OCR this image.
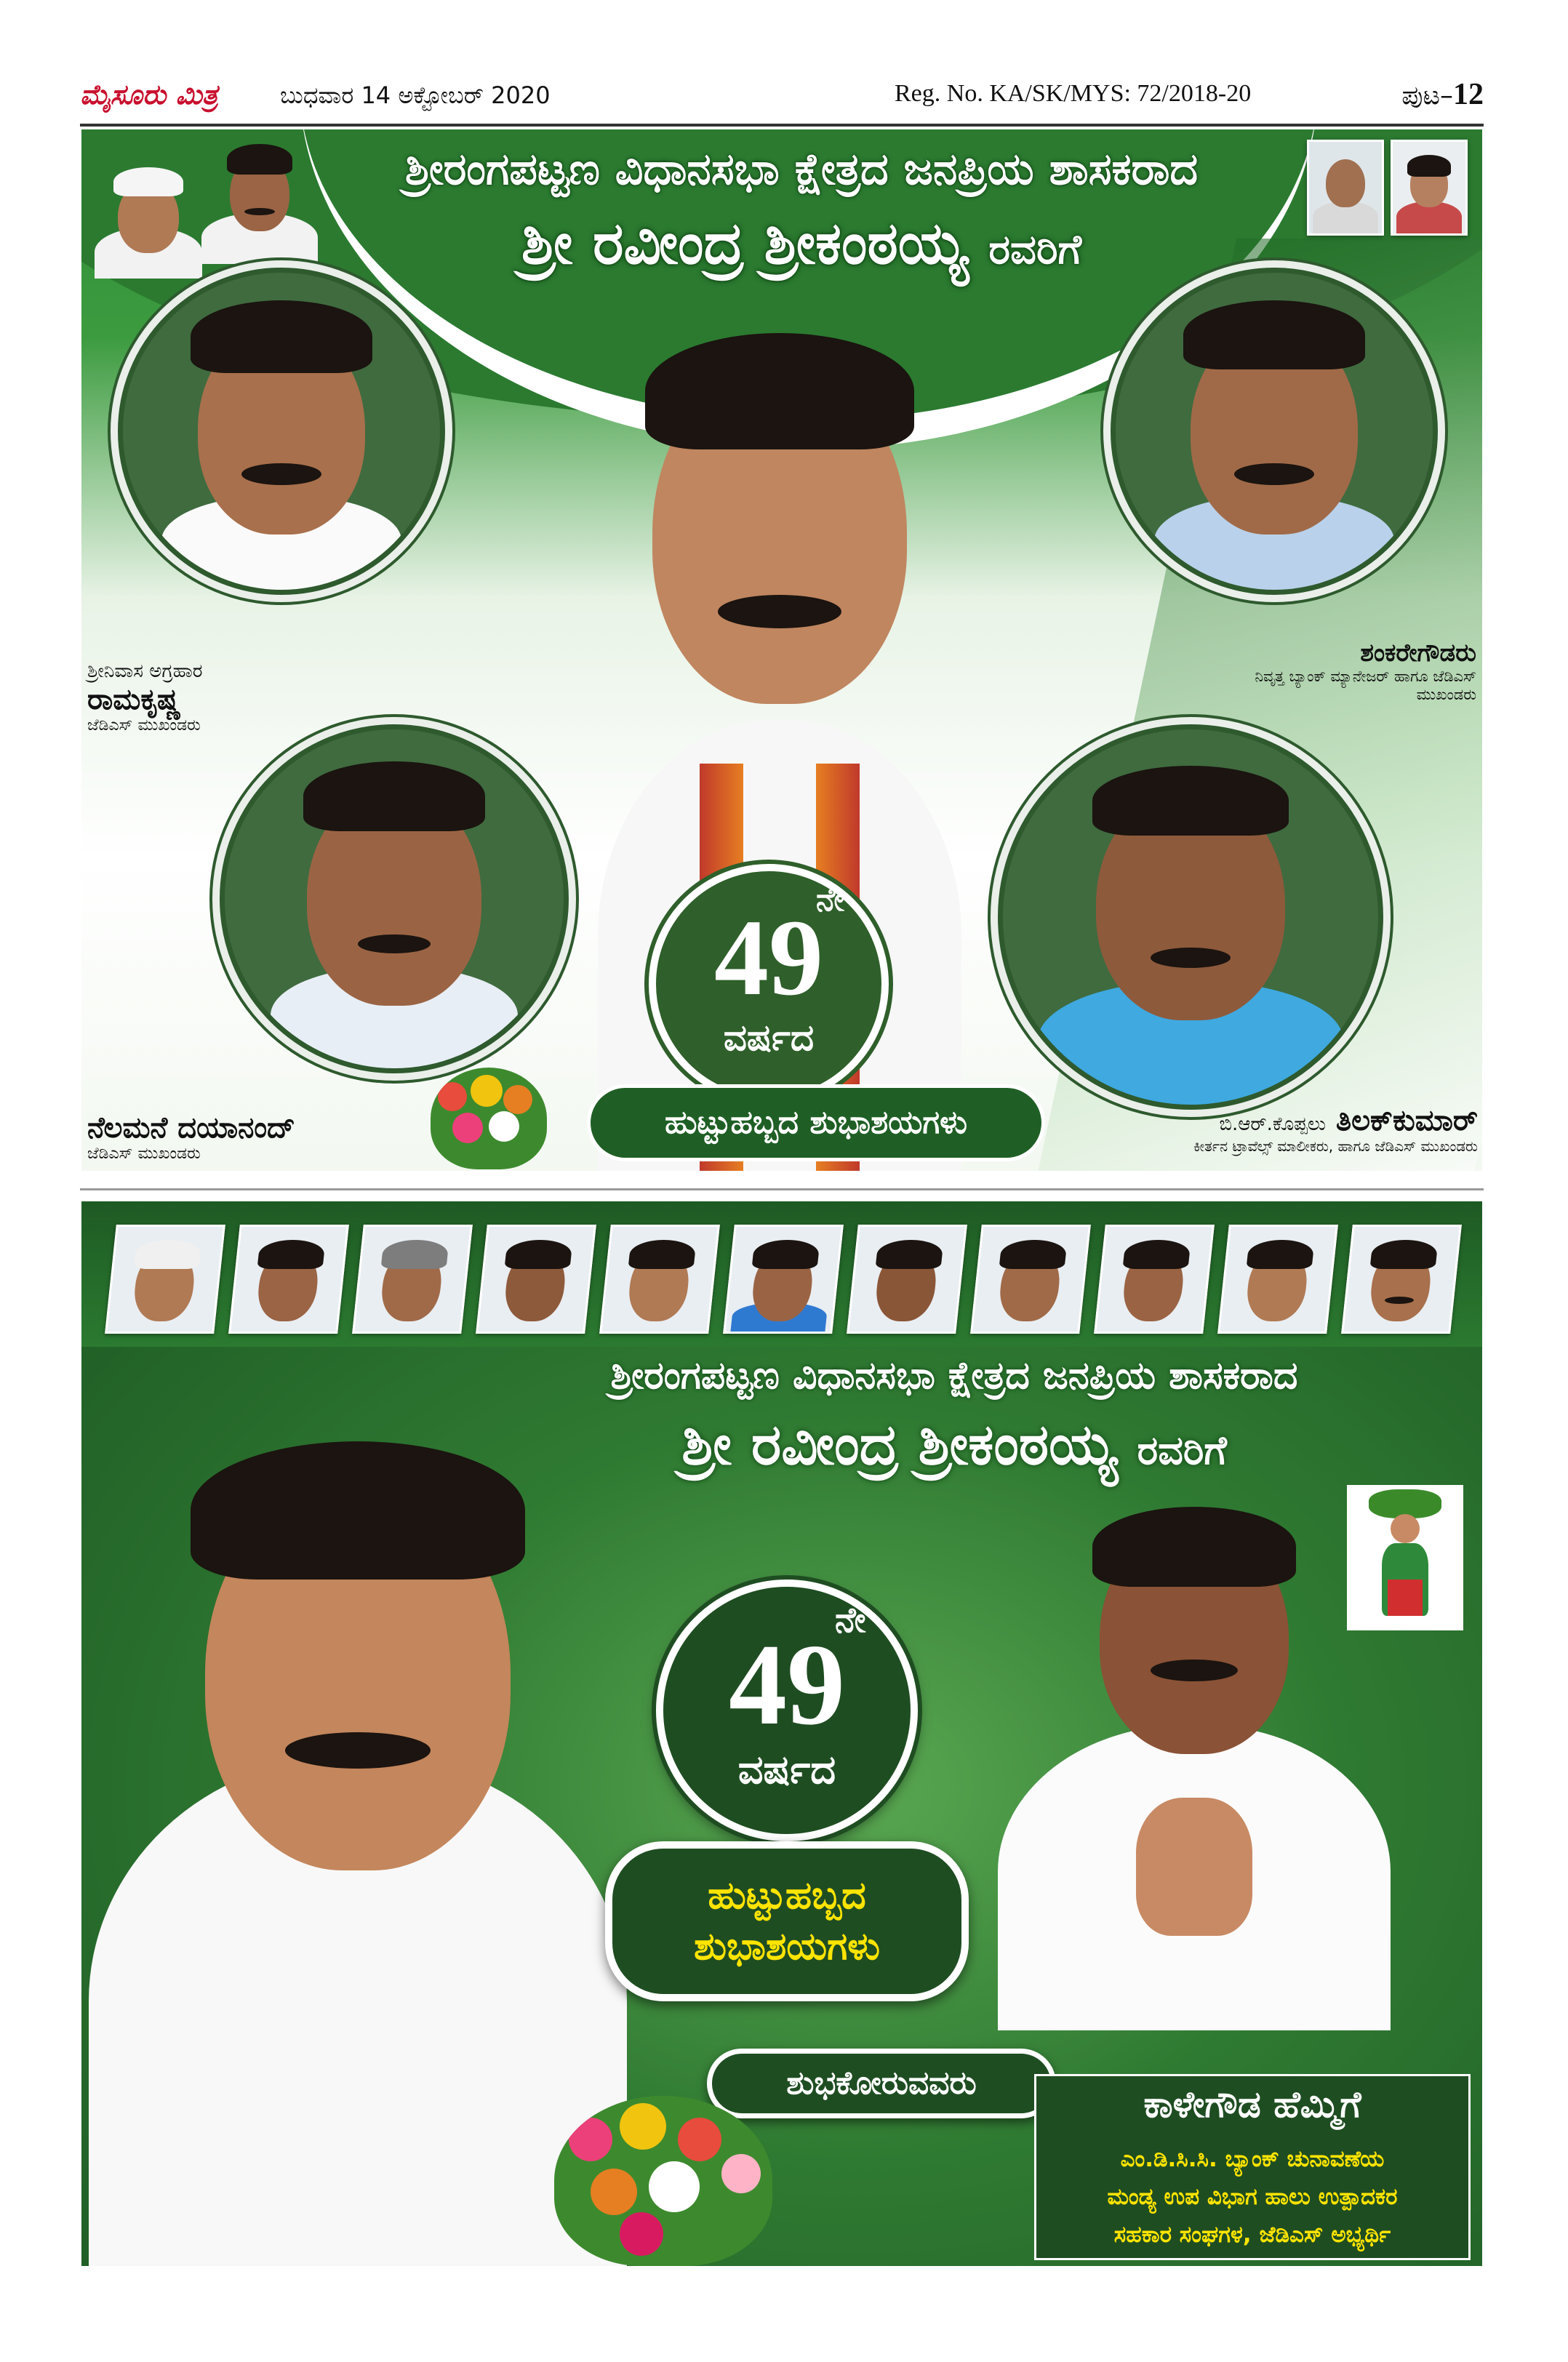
ಮೈಸೂರು ಮಿತ್ರ	ಬುಧವಾರ 14 ಅಕ್ಟೋಬರ್ 2020	Reg. No. KA/SK/MYS: 72/2018-20	ಪುಟ–12
ಶ್ರೀರಂಗಪಟ್ಟಣ ವಿಧಾನಸಭಾ ಕ್ಷೇತ್ರದ ಜನಪ್ರಿಯ ಶಾಸಕರಾದ
ಶ್ರೀ ರವೀಂದ್ರ ಶ್ರೀಕಂಠಯ್ಯ ರವರಿಗೆ
ಶ್ರೀನಿವಾಸ ಅಗ್ರಹಾರ
ರಾಮಕೃಷ್ಣ
ಜೆಡಿಎಸ್ ಮುಖಂಡರು
ಶಂಕರೇಗೌಡರು
ನಿವೃತ್ತ ಬ್ಯಾಂಕ್ ಮ್ಯಾನೇಜರ್ ಹಾಗೂ ಜೆಡಿಎಸ್ ಮುಖಂಡರು
ನೆಲಮನೆ ದಯಾನಂದ್
ಜೆಡಿಎಸ್ ಮುಖಂಡರು
ಬಿ.ಆರ್.ಕೊಪ್ಪಲು ತಿಲಕ್‌ಕುಮಾರ್
ಕೀರ್ತನ ಟ್ರಾವೆಲ್ಸ್ ಮಾಲೀಕರು, ಹಾಗೂ ಜೆಡಿಎಸ್ ಮುಖಂಡರು
ನೇ
49
ವರ್ಷದ
ಹುಟ್ಟುಹಬ್ಬದ ಶುಭಾಶಯಗಳು
ಶ್ರೀರಂಗಪಟ್ಟಣ ವಿಧಾನಸಭಾ ಕ್ಷೇತ್ರದ ಜನಪ್ರಿಯ ಶಾಸಕರಾದ
ಶ್ರೀ ರವೀಂದ್ರ ಶ್ರೀಕಂಠಯ್ಯ ರವರಿಗೆ
ನೇ
49
ವರ್ಷದ
ಹುಟ್ಟುಹಬ್ಬದ
ಶುಭಾಶಯಗಳು
ಶುಭಕೋರುವವರು
ಕಾಳೇಗೌಡ ಹೆಮ್ಮಿಗೆ
ಎಂ.ಡಿ.ಸಿ.ಸಿ. ಬ್ಯಾಂಕ್ ಚುನಾವಣೆಯ
ಮಂಡ್ಯ ಉಪ ವಿಭಾಗ ಹಾಲು ಉತ್ಪಾದಕರ
ಸಹಕಾರ ಸಂಘಗಳ, ಜೆಡಿಎಸ್ ಅಭ್ಯರ್ಥಿ
